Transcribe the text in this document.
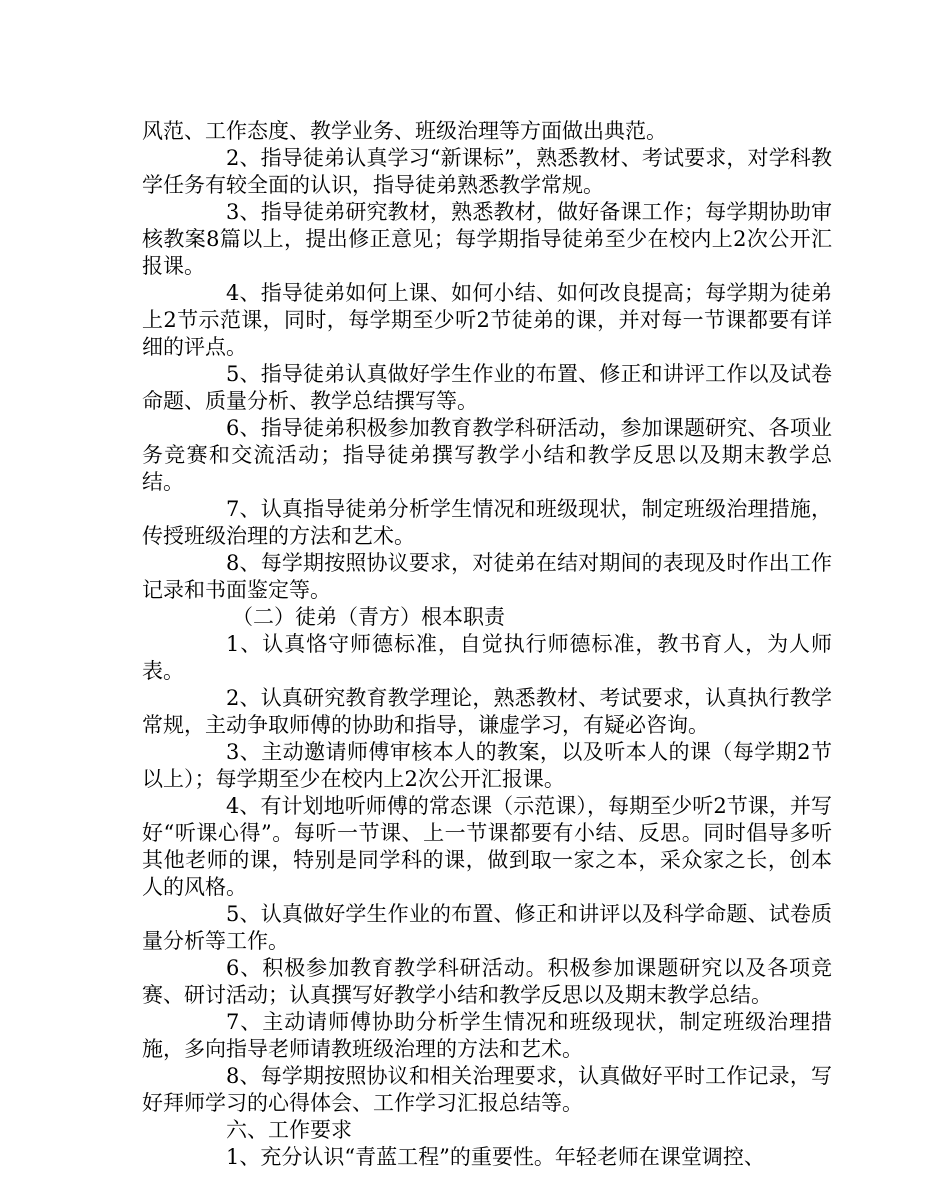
风范、工作态度、教学业务、班级治理等方面做出典范。

2、指导徒弟认真学习“新课标”，熟悉教材、考试要求，对学科教学任务有较全面的认识，指导徒弟熟悉教学常规。

3、指导徒弟研究教材，熟悉教材，做好备课工作；每学期协助审核教案8篇以上，提出修正意见；每学期指导徒弟至少在校内上2次公开汇报课。

4、指导徒弟如何上课、如何小结、如何改良提高；每学期为徒弟上2节示范课，同时，每学期至少听2节徒弟的课，并对每一节课都要有详细的评点。

5、指导徒弟认真做好学生作业的布置、修正和讲评工作以及试卷命题、质量分析、教学总结撰写等。

6、指导徒弟积极参加教育教学科研活动，参加课题研究、各项业务竞赛和交流活动；指导徒弟撰写教学小结和教学反思以及期末教学总结。

7、认真指导徒弟分析学生情况和班级现状，制定班级治理措施，传授班级治理的方法和艺术。

8、每学期按照协议要求，对徒弟在结对期间的表现及时作出工作记录和书面鉴定等。

（二）徒弟（青方）根本职责

1、认真恪守师德标准，自觉执行师德标准，教书育人，为人师表。

2、认真研究教育教学理论，熟悉教材、考试要求，认真执行教学常规，主动争取师傅的协助和指导，谦虚学习，有疑必咨询。

3、主动邀请师傅审核本人的教案，以及听本人的课（每学期2节以上）；每学期至少在校内上2次公开汇报课。

4、有计划地听师傅的常态课（示范课），每期至少听2节课，并写好“听课心得”。每听一节课、上一节课都要有小结、反思。同时倡导多听其他老师的课，特别是同学科的课，做到取一家之本，采众家之长，创本人的风格。

5、认真做好学生作业的布置、修正和讲评以及科学命题、试卷质量分析等工作。

6、积极参加教育教学科研活动。积极参加课题研究以及各项竞赛、研讨活动；认真撰写好教学小结和教学反思以及期末教学总结。

7、主动请师傅协助分析学生情况和班级现状，制定班级治理措施，多向指导老师请教班级治理的方法和艺术。

8、每学期按照协议和相关治理要求，认真做好平时工作记录，写好拜师学习的心得体会、工作学习汇报总结等。

六、工作要求

1、充分认识“青蓝工程”的重要性。年轻老师在课堂调控、
